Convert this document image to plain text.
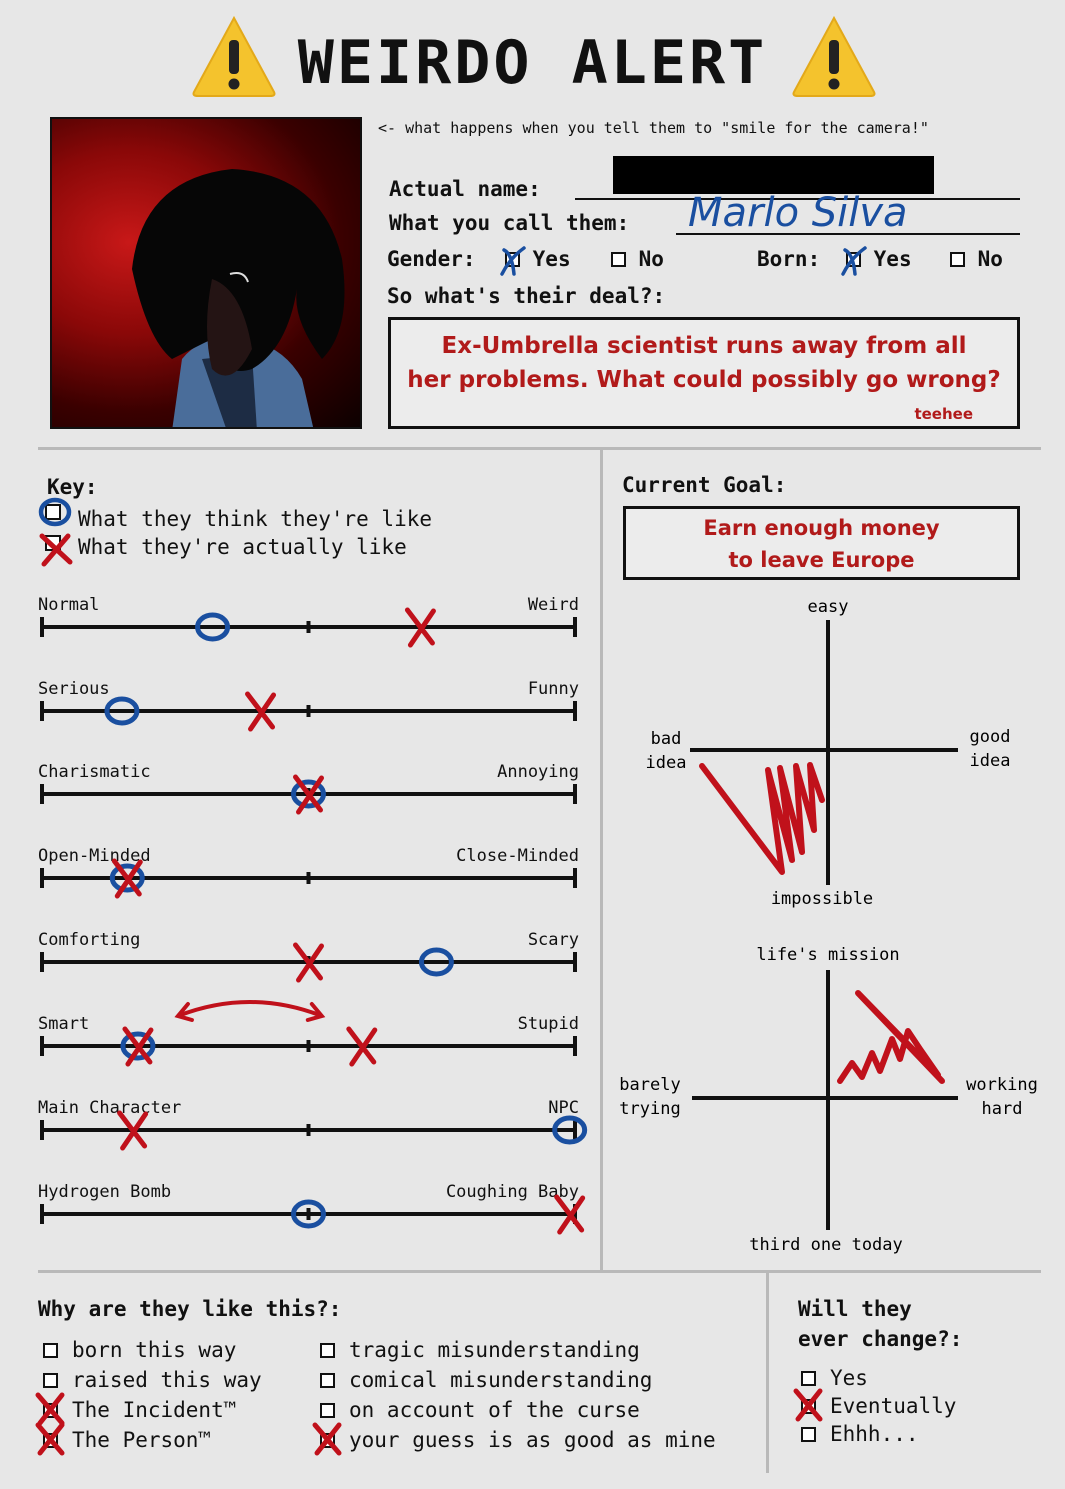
WEIRDO ALERT
<- what happens when you tell them to "smile for the camera!"
Actual name:
What you call them: Marlo Silva
Gender:	Yes	No	Born:	Yes	No
So what's their deal?:
Ex-Umbrella scientist runs away from all
her problems. What could possibly go wrong?
teehee
Key:
What they think they're like
What they're actually like
Normal	Weird
Serious	Funny
Charismatic	Annoying
Open-Minded	Close-Minded
Comforting	Scary
Smart	Stupid
Main Character	NPC
Hydrogen Bomb	Coughing Baby
Current Goal:
Earn enough money
to leave Europe
easy
impossible
bad
idea
good
idea
life's mission
third one today
barely
trying
working
hard
Why are they like this?:
born this way
raised this way
The Incident™
The Person™
tragic misunderstanding
comical misunderstanding
on account of the curse
your guess is as good as mine
Will they
ever change?:
Yes
Eventually
Ehhh...
